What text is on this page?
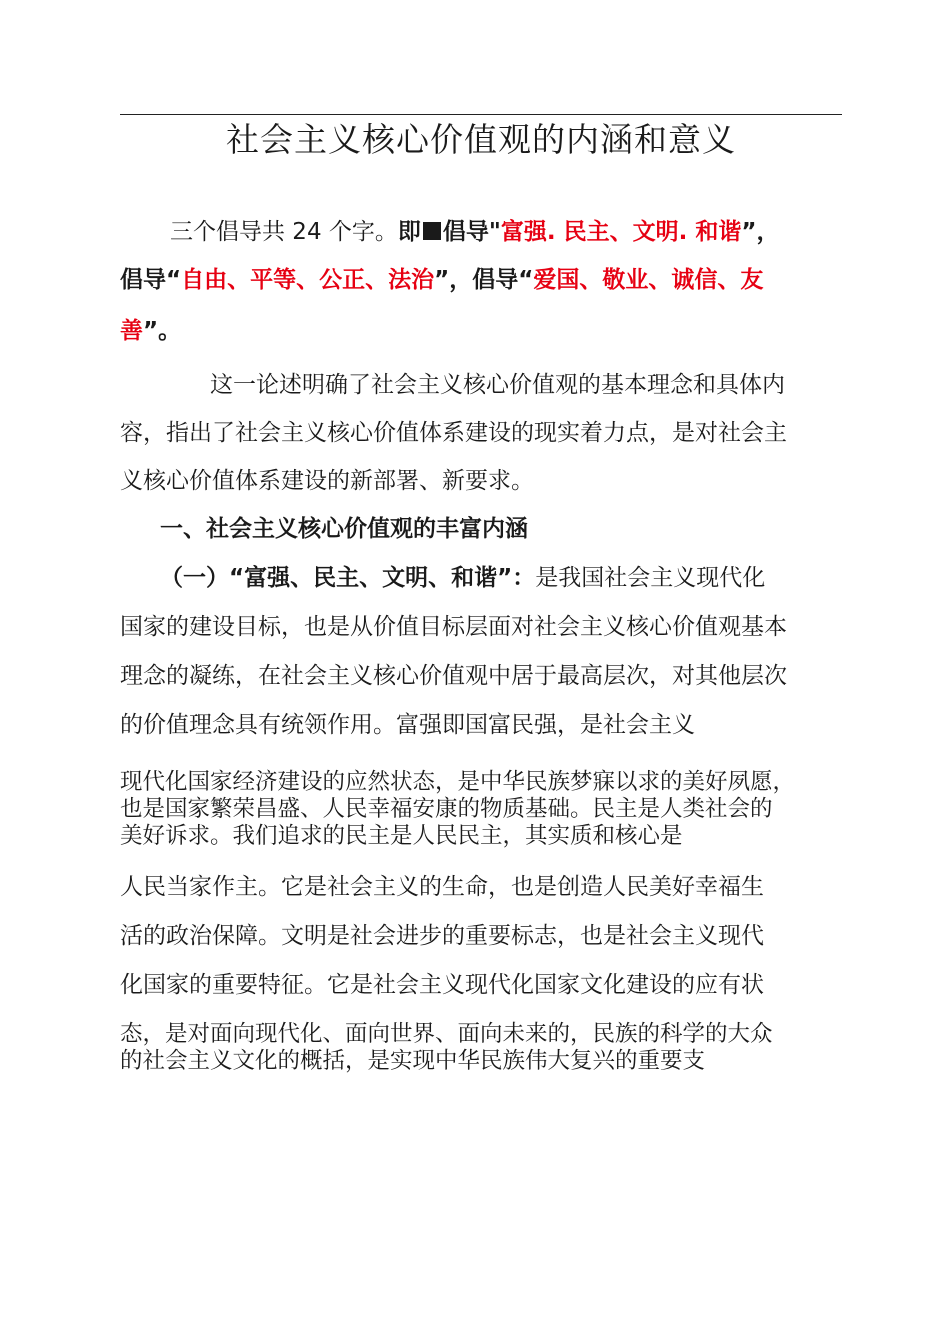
社会主义核心价值观的内涵和意义
三个倡导共 24 个字。即 倡导"富强. 民主、文明. 和谐”，
倡导“自由、平等、公正、法治”，倡导“爱国、敬业、诚信、友
善”。
这一论述明确了社会主义核心价值观的基本理念和具体内
容，指出了社会主义核心价值体系建设的现实着力点，是对社会主
义核心价值体系建设的新部署、新要求。
一、社会主义核心价值观的丰富内涵
（一）“富强、民主、文明、和谐”：是我国社会主义现代化
国家的建设目标，也是从价值目标层面对社会主义核心价值观基本
理念的凝练，在社会主义核心价值观中居于最高层次，对其他层次
的价值理念具有统领作用。富强即国富民强，是社会主义
现代化国家经济建设的应然状态，是中华民族梦寐以求的美好夙愿，
也是国家繁荣昌盛、人民幸福安康的物质基础。民主是人类社会的
美好诉求。我们追求的民主是人民民主，其实质和核心是
人民当家作主。它是社会主义的生命，也是创造人民美好幸福生
活的政治保障。文明是社会进步的重要标志，也是社会主义现代
化国家的重要特征。它是社会主义现代化国家文化建设的应有状
态，是对面向现代化、面向世界、面向未来的，民族的科学的大众
的社会主义文化的概括，是实现中华民族伟大复兴的重要支
